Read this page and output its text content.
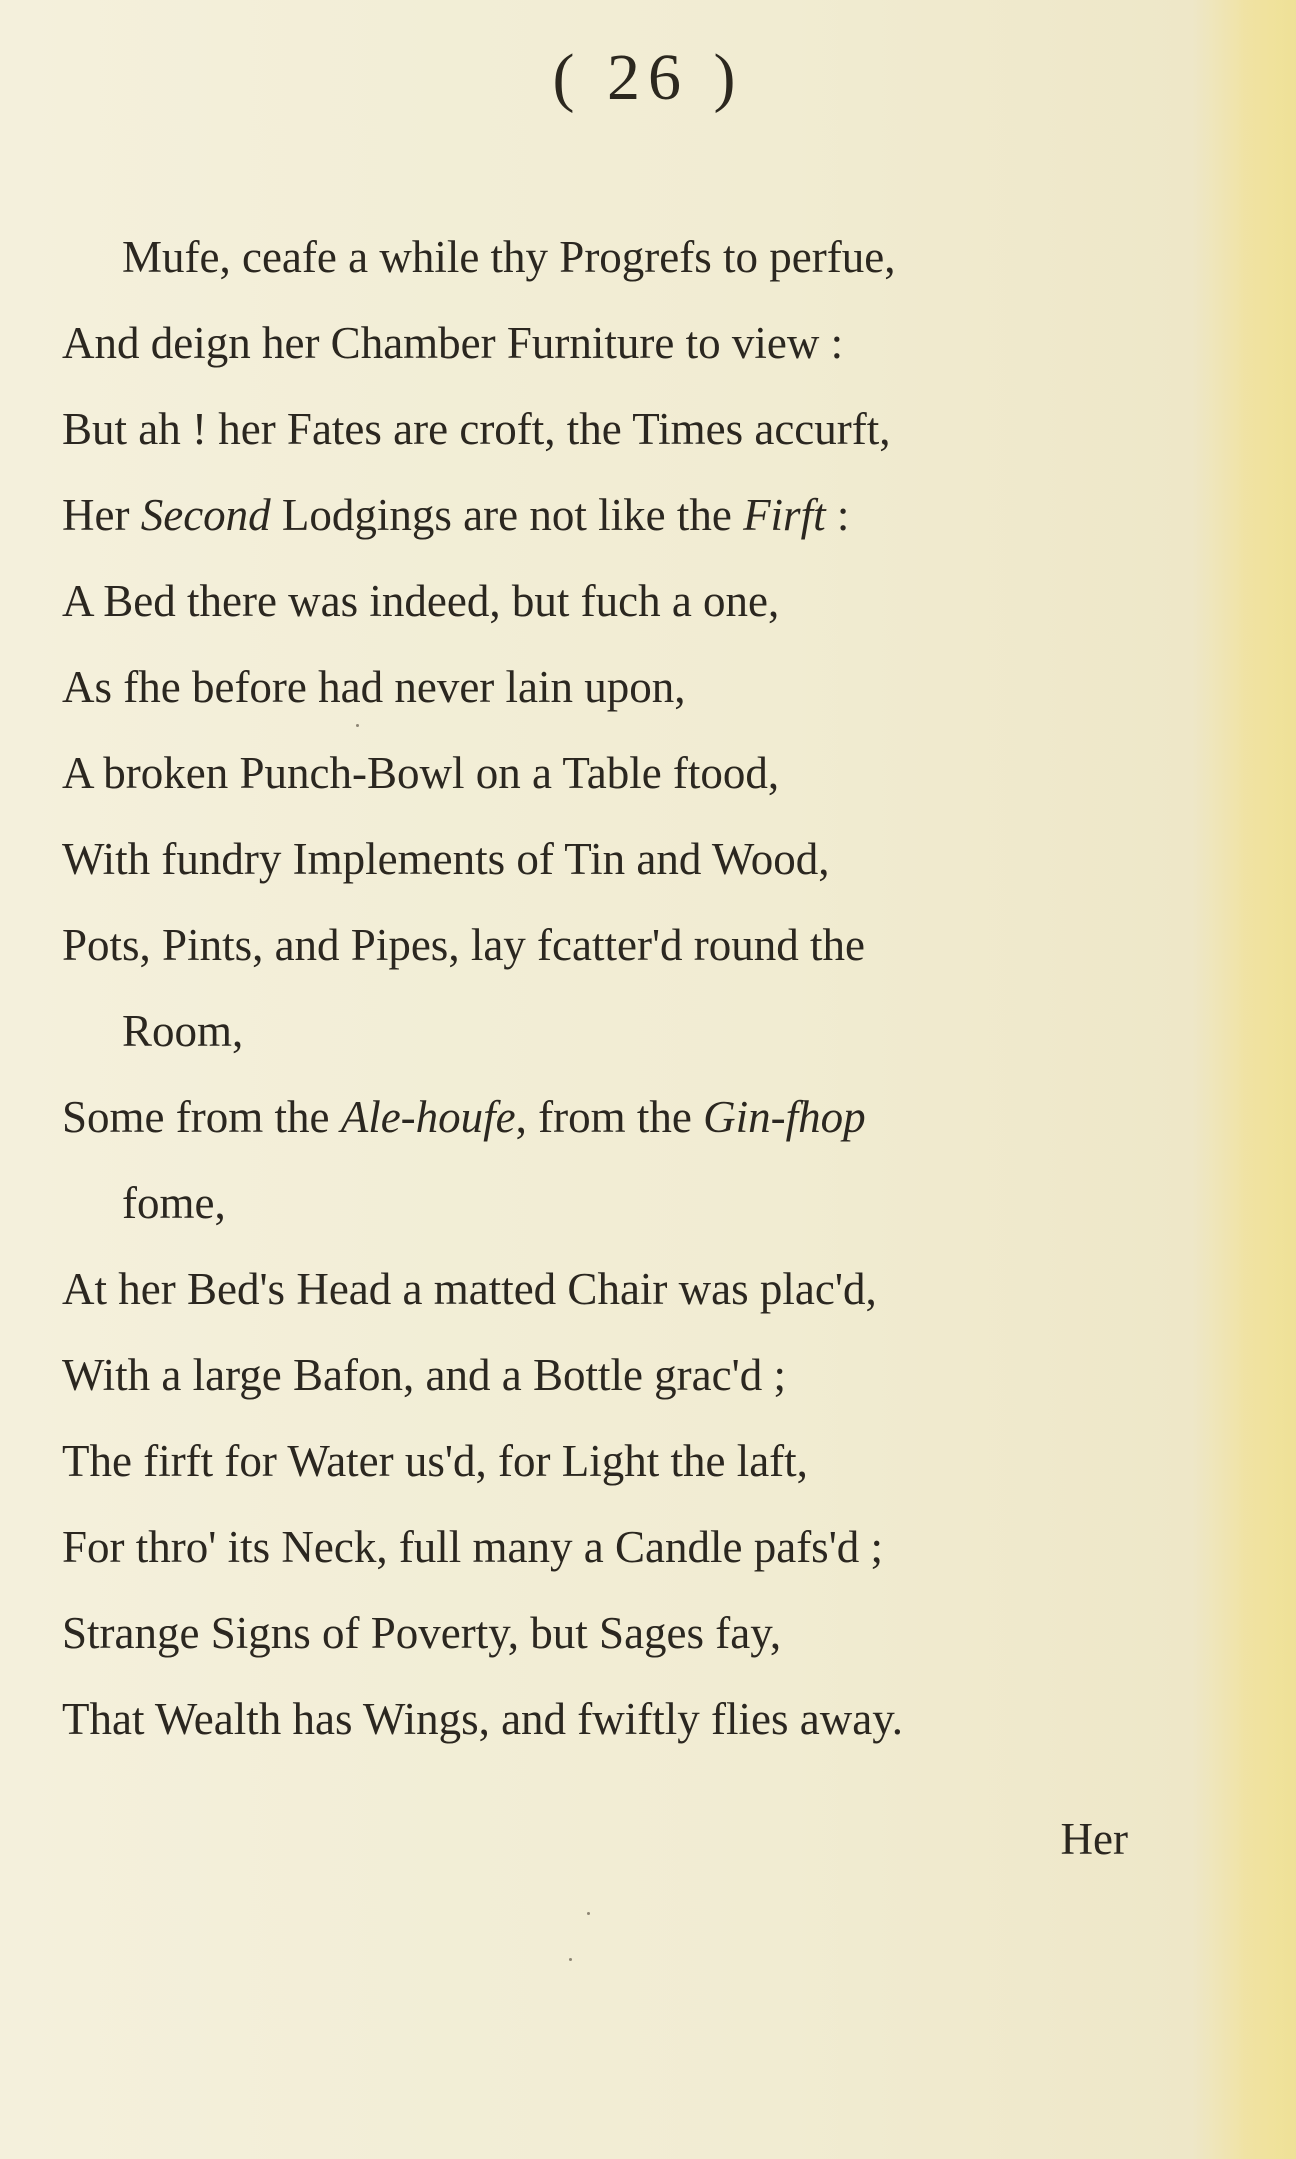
( 26 )
Mufe, ceafe a while thy Progrefs to perfue,
And deign her Chamber Furniture to view :
But ah ! her Fates are croft, the Times accurft,
Her Second Lodgings are not like the Firft :
A Bed there was indeed, but fuch a one,
As fhe before had never lain upon,
A broken Punch-Bowl on a Table ftood,
With fundry Implements of Tin and Wood,
Pots, Pints, and Pipes, lay fcatter'd round the
Room,
Some from the Ale-houfe, from the Gin-fhop
fome,
At her Bed's Head a matted Chair was plac'd,
With a large Bafon, and a Bottle grac'd ;
The firft for Water us'd, for Light the laft,
For thro' its Neck, full many a Candle pafs'd ;
Strange Signs of Poverty, but Sages fay,
That Wealth has Wings, and fwiftly flies away.
Her
